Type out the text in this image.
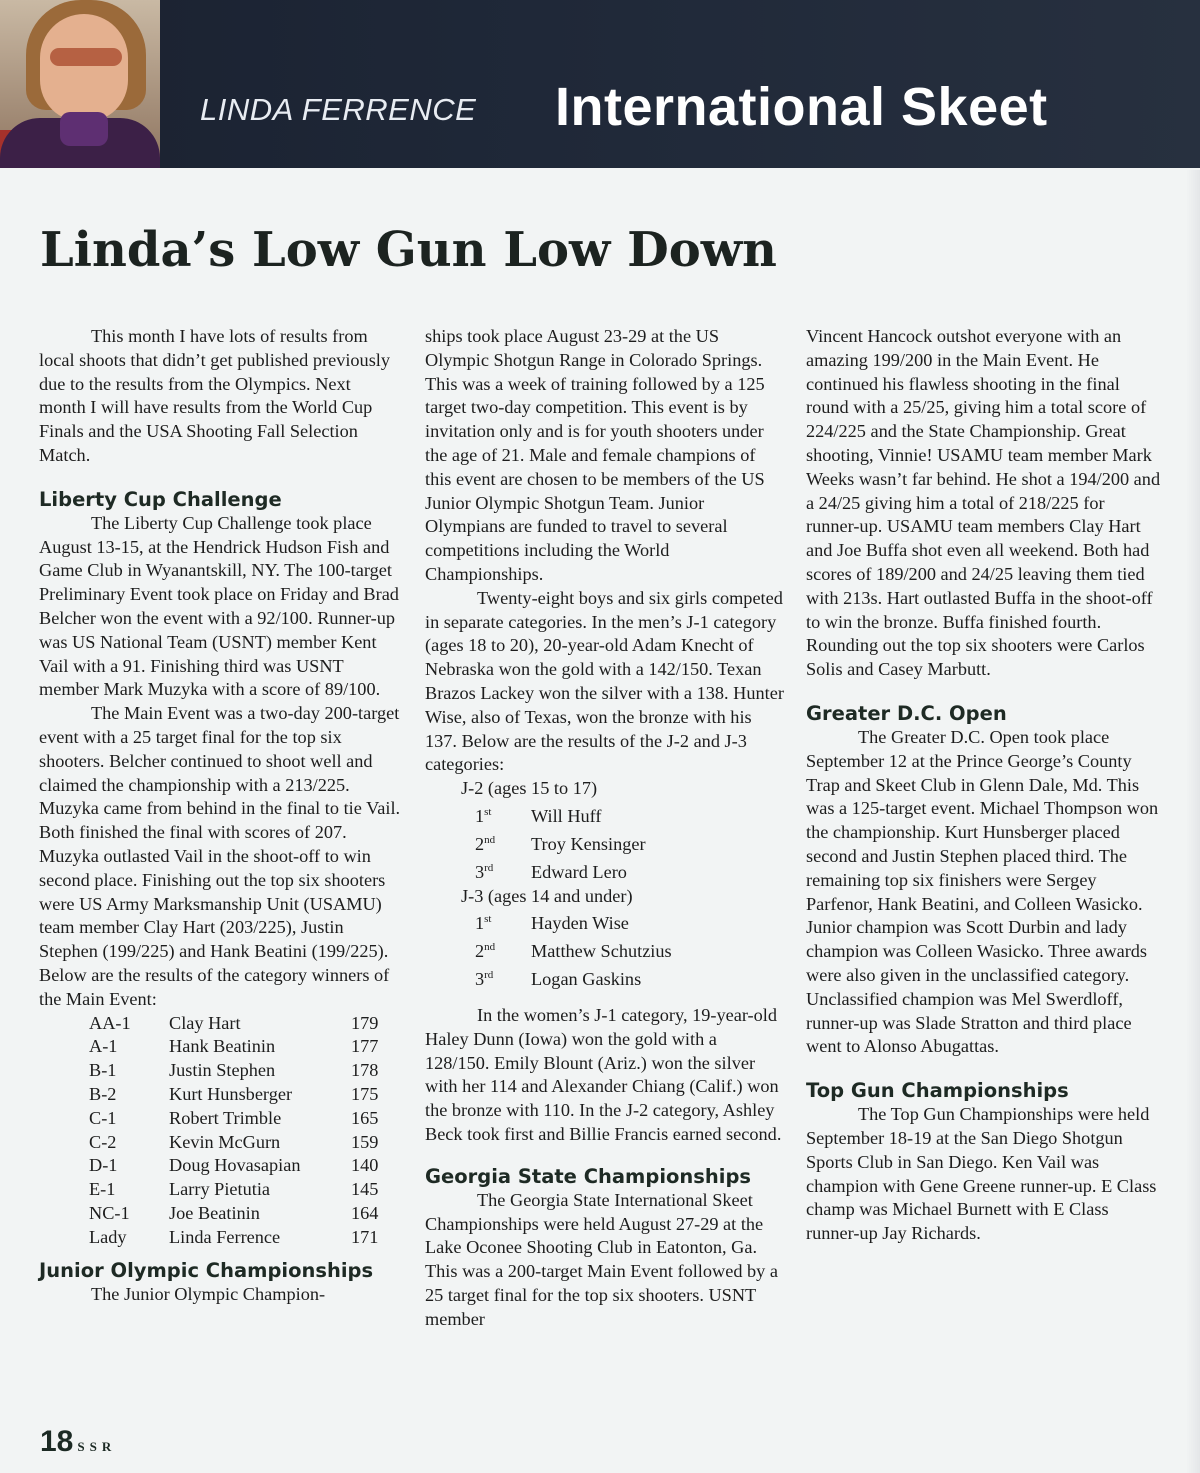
LINDA FERRENCE International Skeet
Linda’s Low Gun Low Down

This month I have lots of results from local shoots that didn’t get published previously due to the results from the Olympics. Next month I will have results from the World Cup Finals and the USA Shooting Fall Selection Match.

Liberty Cup Challenge

The Liberty Cup Challenge took place August 13-15, at the Hendrick Hudson Fish and Game Club in Wyanantskill, NY. The 100-target Preliminary Event took place on Friday and Brad Belcher won the event with a 92/100. Runner-up was US National Team (USNT) member Kent Vail with a 91. Finishing third was USNT member Mark Muzyka with a score of 89/100.

The Main Event was a two-day 200-target event with a 25 target final for the top six shooters. Belcher continued to shoot well and claimed the championship with a 213/225. Muzyka came from behind in the final to tie Vail. Both finished the final with scores of 207. Muzyka outlasted Vail in the shoot-off to win second place. Finishing out the top six shooters were US Army Marksmanship Unit (USAMU) team member Clay Hart (203/225), Justin Stephen (199/225) and Hank Beatini (199/225). Below are the results of the category winners of the Main Event:

AA-1	Clay Hart	179
A-1	Hank Beatinin	177
B-1	Justin Stephen	178
B-2	Kurt Hunsberger	175
C-1	Robert Trimble	165
C-2	Kevin McGurn	159
D-1	Doug Hovasapian	140
E-1	Larry Pietutia	145
NC-1	Joe Beatinin	164
Lady	Linda Ferrence	171
Junior Olympic Championships

The Junior Olympic Champion-

ships took place August 23-29 at the US Olympic Shotgun Range in Colorado Springs. This was a week of training followed by a 125 target two-day competition. This event is by invitation only and is for youth shooters under the age of 21. Male and female champions of this event are chosen to be members of the US Junior Olympic Shotgun Team. Junior Olympians are funded to travel to several competitions including the World Championships.

Twenty-eight boys and six girls competed in separate categories. In the men’s J-1 category (ages 18 to 20), 20-year-old Adam Knecht of Nebraska won the gold with a 142/150. Texan Brazos Lackey won the silver with a 138. Hunter Wise, also of Texas, won the bronze with his 137. Below are the results of the J-2 and J-3 categories:

J-2 (ages 15 to 17)
1st Will Huff
2nd Troy Kensinger
3rd Edward Lero
J-3 (ages 14 and under)
1st Hayden Wise
2nd Matthew Schutzius
3rd Logan Gaskins

In the women’s J-1 category, 19-year-old Haley Dunn (Iowa) won the gold with a 128/150. Emily Blount (Ariz.) won the silver with her 114 and Alexander Chiang (Calif.) won the bronze with 110. In the J-2 category, Ashley Beck took first and Billie Francis earned second.

Georgia State Championships

The Georgia State International Skeet Championships were held August 27-29 at the Lake Oconee Shooting Club in Eatonton, Ga. This was a 200-target Main Event followed by a 25 target final for the top six shooters. USNT member

Vincent Hancock outshot everyone with an amazing 199/200 in the Main Event. He continued his flawless shooting in the final round with a 25/25, giving him a total score of 224/225 and the State Championship. Great shooting, Vinnie! USAMU team member Mark Weeks wasn’t far behind. He shot a 194/200 and a 24/25 giving him a total of 218/225 for runner-up. USAMU team members Clay Hart and Joe Buffa shot even all weekend. Both had scores of 189/200 and 24/25 leaving them tied with 213s. Hart outlasted Buffa in the shoot-off to win the bronze. Buffa finished fourth. Rounding out the top six shooters were Carlos Solis and Casey Marbutt.

Greater D.C. Open

The Greater D.C. Open took place September 12 at the Prince George’s County Trap and Skeet Club in Glenn Dale, Md. This was a 125-target event. Michael Thompson won the championship. Kurt Hunsberger placed second and Justin Stephen placed third. The remaining top six finishers were Sergey Parfenor, Hank Beatini, and Colleen Wasicko. Junior champion was Scott Durbin and lady champion was Colleen Wasicko. Three awards were also given in the unclassified category. Unclassified champion was Mel Swerdloff, runner-up was Slade Stratton and third place went to Alonso Abugattas.

Top Gun Championships

The Top Gun Championships were held September 18-19 at the San Diego Shotgun Sports Club in San Diego. Ken Vail was champion with Gene Greene runner-up. E Class champ was Michael Burnett with E Class runner-up Jay Richards.

18 SSR
